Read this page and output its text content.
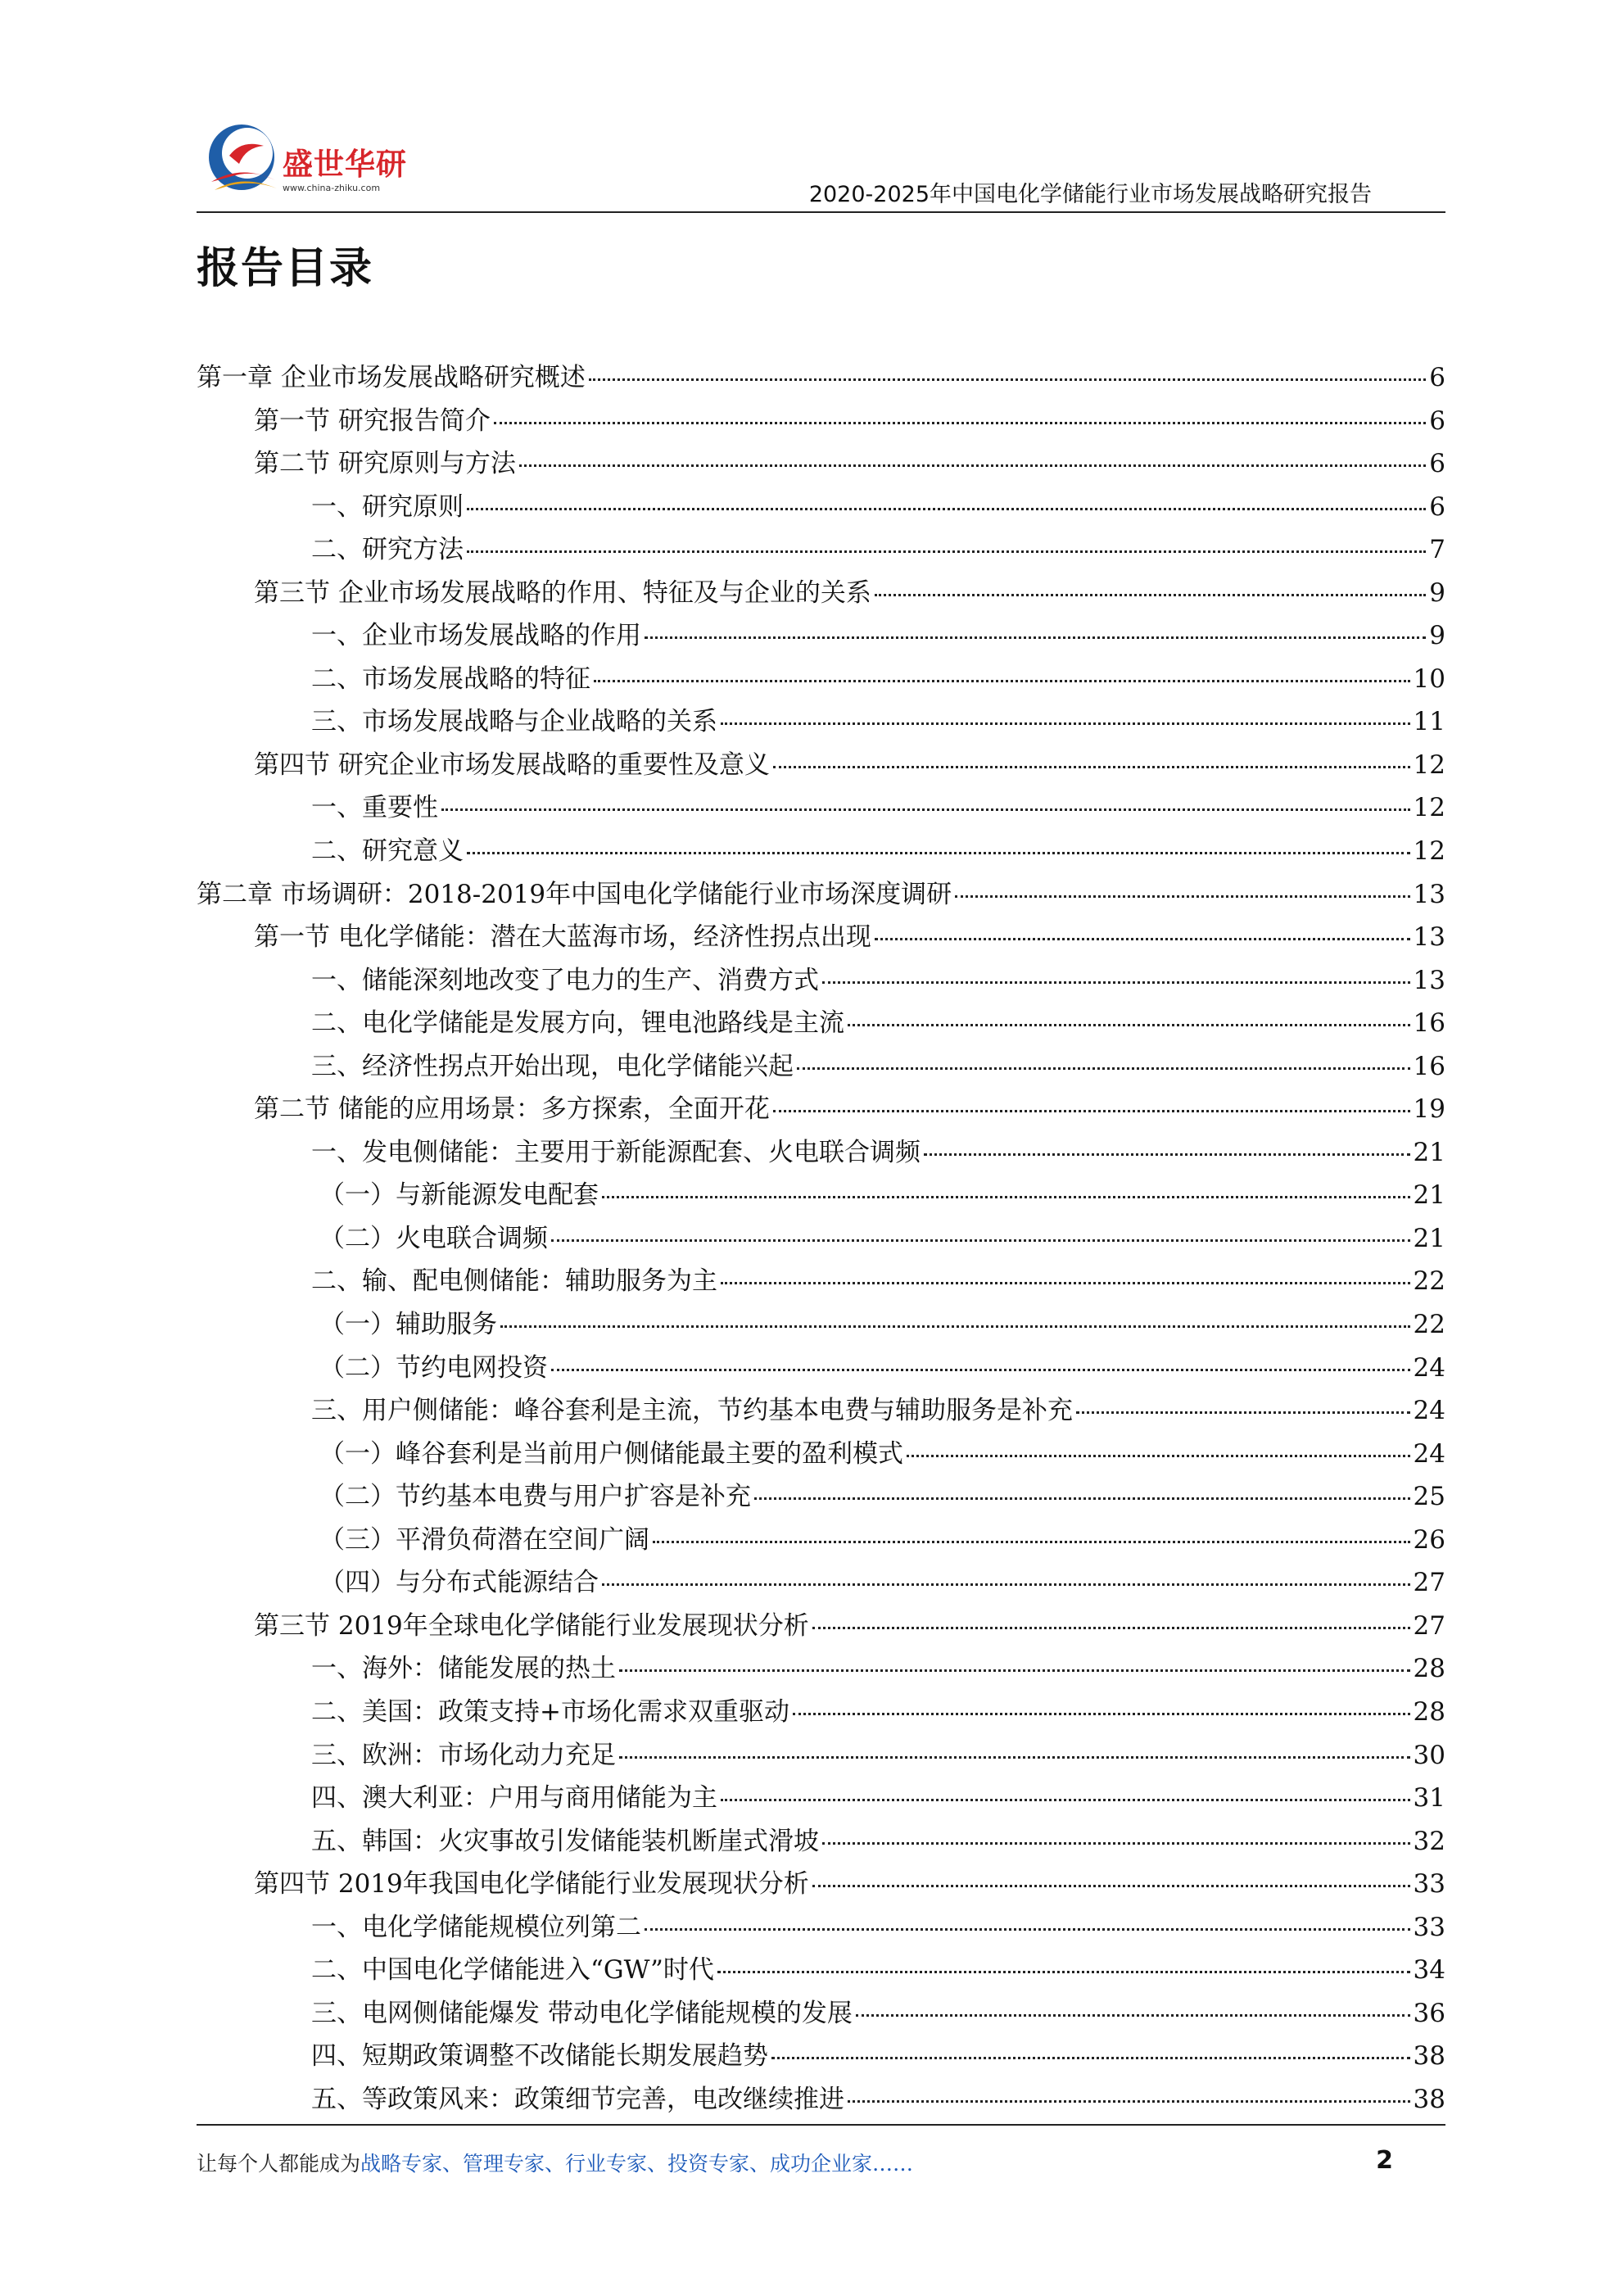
盛世华研
www.china-zhiku.com	2020-2025年中国电化学储能行业市场发展战略研究报告
报告目录
第一章 企业市场发展战略研究概述	6
第一节 研究报告简介	6
第二节 研究原则与方法	6
一、研究原则	6
二、研究方法	7
第三节 企业市场发展战略的作用、特征及与企业的关系	9
一、企业市场发展战略的作用	9
二、市场发展战略的特征	10
三、市场发展战略与企业战略的关系	11
第四节 研究企业市场发展战略的重要性及意义	12
一、重要性	12
二、研究意义	12
第二章 市场调研：2018-2019年中国电化学储能行业市场深度调研	13
第一节 电化学储能：潜在大蓝海市场，经济性拐点出现	13
一、储能深刻地改变了电力的生产、消费方式	13
二、电化学储能是发展方向，锂电池路线是主流	16
三、经济性拐点开始出现，电化学储能兴起	16
第二节 储能的应用场景：多方探索，全面开花	19
一、发电侧储能：主要用于新能源配套、火电联合调频	21
（一）与新能源发电配套	21
（二）火电联合调频	21
二、输、配电侧储能：辅助服务为主	22
（一）辅助服务	22
（二）节约电网投资	24
三、用户侧储能：峰谷套利是主流，节约基本电费与辅助服务是补充	24
（一）峰谷套利是当前用户侧储能最主要的盈利模式	24
（二）节约基本电费与用户扩容是补充	25
（三）平滑负荷潜在空间广阔	26
（四）与分布式能源结合	27
第三节 2019年全球电化学储能行业发展现状分析	27
一、海外：储能发展的热土	28
二、美国：政策支持+市场化需求双重驱动	28
三、欧洲：市场化动力充足	30
四、澳大利亚：户用与商用储能为主	31
五、韩国：火灾事故引发储能装机断崖式滑坡	32
第四节 2019年我国电化学储能行业发展现状分析	33
一、电化学储能规模位列第二	33
二、中国电化学储能进入“GW”时代	34
三、电网侧储能爆发 带动电化学储能规模的发展	36
四、短期政策调整不改储能长期发展趋势	38
五、等政策风来：政策细节完善，电改继续推进	38
让每个人都能成为战略专家、管理专家、行业专家、投资专家、成功企业家……	2
